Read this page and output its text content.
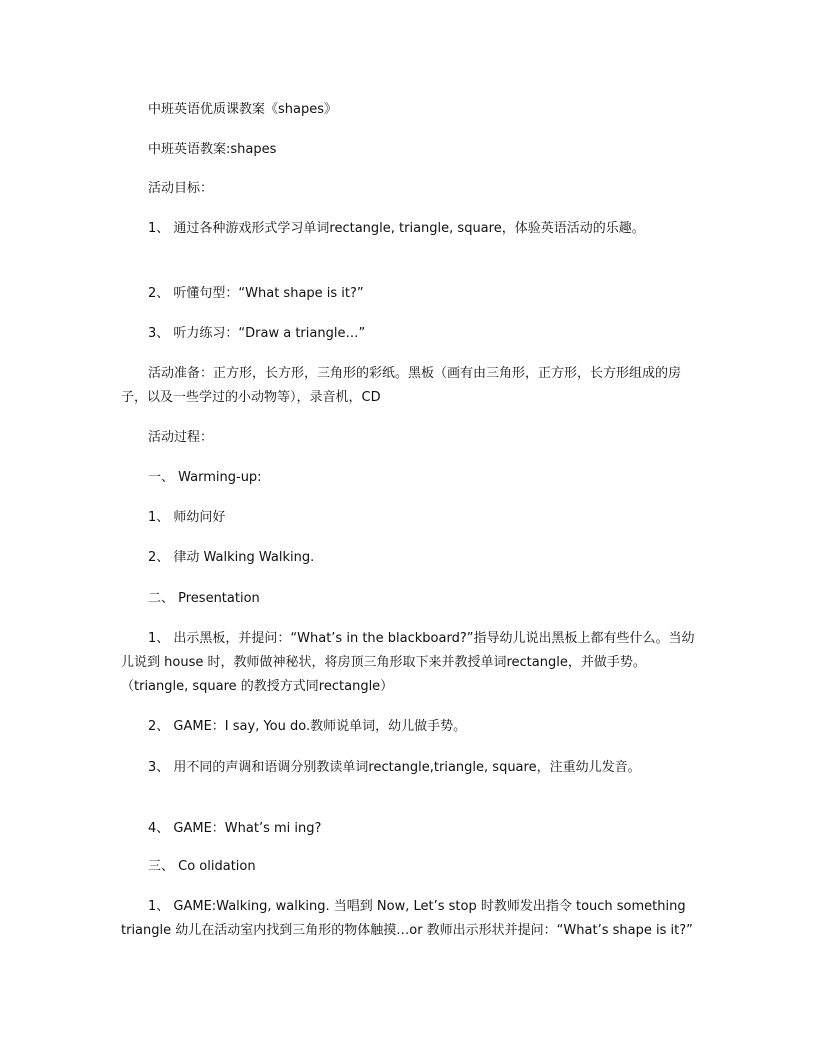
中班英语优质课教案《shapes》

中班英语教案:shapes

活动目标：

1、 通过各种游戏形式学习单词rectangle, triangle, square，体验英语活动的乐趣。

2、 听懂句型：“What shape is it?”

3、 听力练习：“Draw a triangle…”

活动准备：正方形，长方形，三角形的彩纸。黑板（画有由三角形，正方形，长方形组成的房子，以及一些学过的小动物等），录音机，CD

活动过程：

一、 Warming-up:

1、 师幼问好

2、 律动 Walking Walking.

二、 Presentation

1、 出示黑板，并提问：“What’s in the blackboard?”指导幼儿说出黑板上都有些什么。当幼儿说到 house 时，教师做神秘状，将房顶三角形取下来并教授单词rectangle，并做手势。（triangle, square 的教授方式同rectangle）

2、 GAME：I say, You do.教师说单词，幼儿做手势。

3、 用不同的声调和语调分别教读单词rectangle,triangle, square，注重幼儿发音。

4、 GAME：What’s mi ing?

三、 Co olidation

1、 GAME:Walking, walking. 当唱到 Now, Let’s stop 时教师发出指令 touch something triangle 幼儿在活动室内找到三角形的物体触摸…or 教师出示形状并提问：“What’s shape is it?”
